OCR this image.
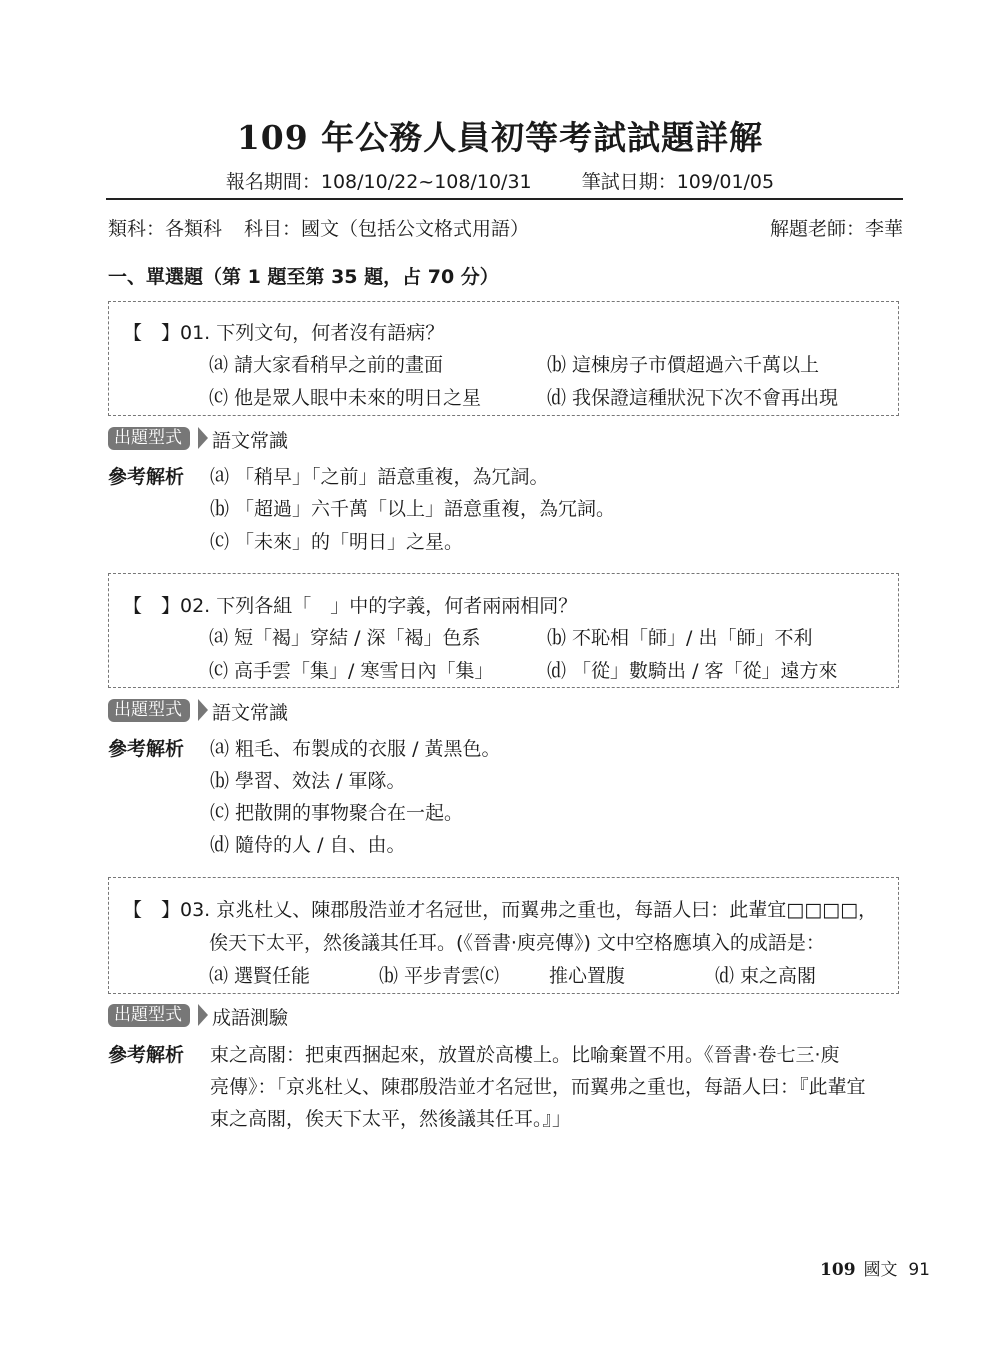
109 年公務人員初等考試試題詳解
報名期間：108/10/22~108/10/31	筆試日期：109/01/05
類科：各類科 科目：國文（包括公文格式用語）	解題老師：李華
一、單選題（第 1 題至第 35 題，占 70 分）
【　】01. 下列文句，何者沒有語病？
⒜ 請大家看稍早之前的畫面	⒝ 這棟房子市價超過六千萬以上
⒞ 他是眾人眼中未來的明日之星	⒟ 我保證這種狀況下次不會再出現
出題型式	語文常識
參考解析 ⒜ 「稍早」「之前」語意重複，為冗詞。
⒝ 「超過」六千萬「以上」語意重複，為冗詞。
⒞ 「未來」的「明日」之星。
【　】02. 下列各組「　」中的字義，何者兩兩相同？
⒜ 短「褐」穿結 / 深「褐」色系	⒝ 不恥相「師」/ 出「師」不利
⒞ 高手雲「集」/ 寒雪日內「集」	⒟ 「從」數騎出 / 客「從」遠方來
出題型式	語文常識
參考解析 ⒜ 粗毛、布製成的衣服 / 黃黑色。
⒝ 學習、效法 / 軍隊。
⒞ 把散開的事物聚合在一起。
⒟ 隨侍的人 / 自、由。
【　】03. 京兆杜乂、陳郡殷浩並才名冠世，而翼弗之重也，每語人曰：此輩宜□□□□，
俟天下太平，然後議其任耳。(《晉書‧庾亮傳》) 文中空格應填入的成語是：
⒜ 選賢任能	⒝ 平步青雲⒞	推心置腹	⒟ 束之高閣
出題型式	成語測驗
參考解析 束之高閣：把東西捆起來，放置於高樓上。比喻棄置不用。《晉書‧卷七三‧庾
亮傳》：「京兆杜乂、陳郡殷浩並才名冠世，而翼弗之重也，每語人曰：『此輩宜
束之高閣，俟天下太平，然後議其任耳。』」
109 國文 91
